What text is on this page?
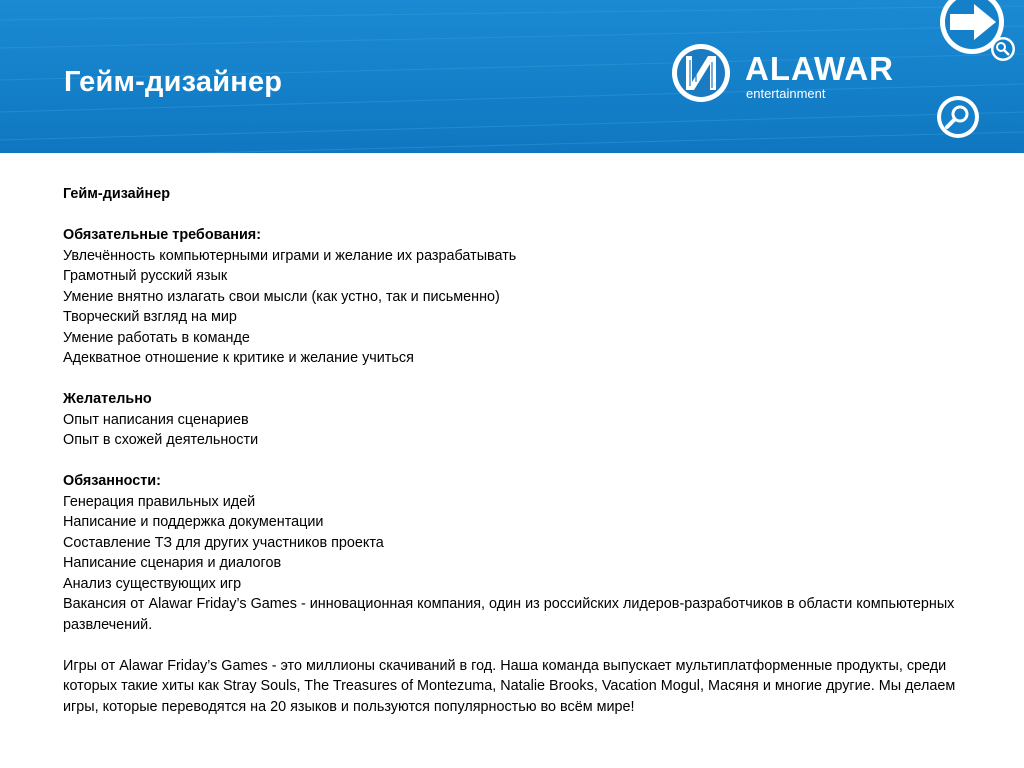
Гейм-дизайнер	ALAWAR
entertainment

Гейм-дизайнер

Обязательные требования:

Увлечённость компьютерными играми и желание их разрабатывать

Грамотный русский язык

Умение внятно излагать свои мысли (как устно, так и письменно)

Творческий взгляд на мир

Умение работать в команде

Адекватное отношение к критике и желание учиться

Желательно

Опыт написания сценариев

Опыт в схожей деятельности

Обязанности:

Генерация правильных идей

Написание и поддержка документации

Составление ТЗ для других участников проекта

Написание сценария и диалогов

Анализ существующих игр

Вакансия от Alawar Friday’s Games - инновационная компания, один из российских лидеров-разработчиков в области компьютерных развлечений.

Игры от Alawar Friday’s Games - это миллионы скачиваний в год. Наша команда выпускает мультиплатформенные продукты, среди которых такие хиты как Stray Souls, The Treasures of Montezuma, Natalie Brooks, Vacation Mogul, Масяня и многие другие. Мы делаем игры, которые переводятся на 20 языков и пользуются популярностью во всём мире!
